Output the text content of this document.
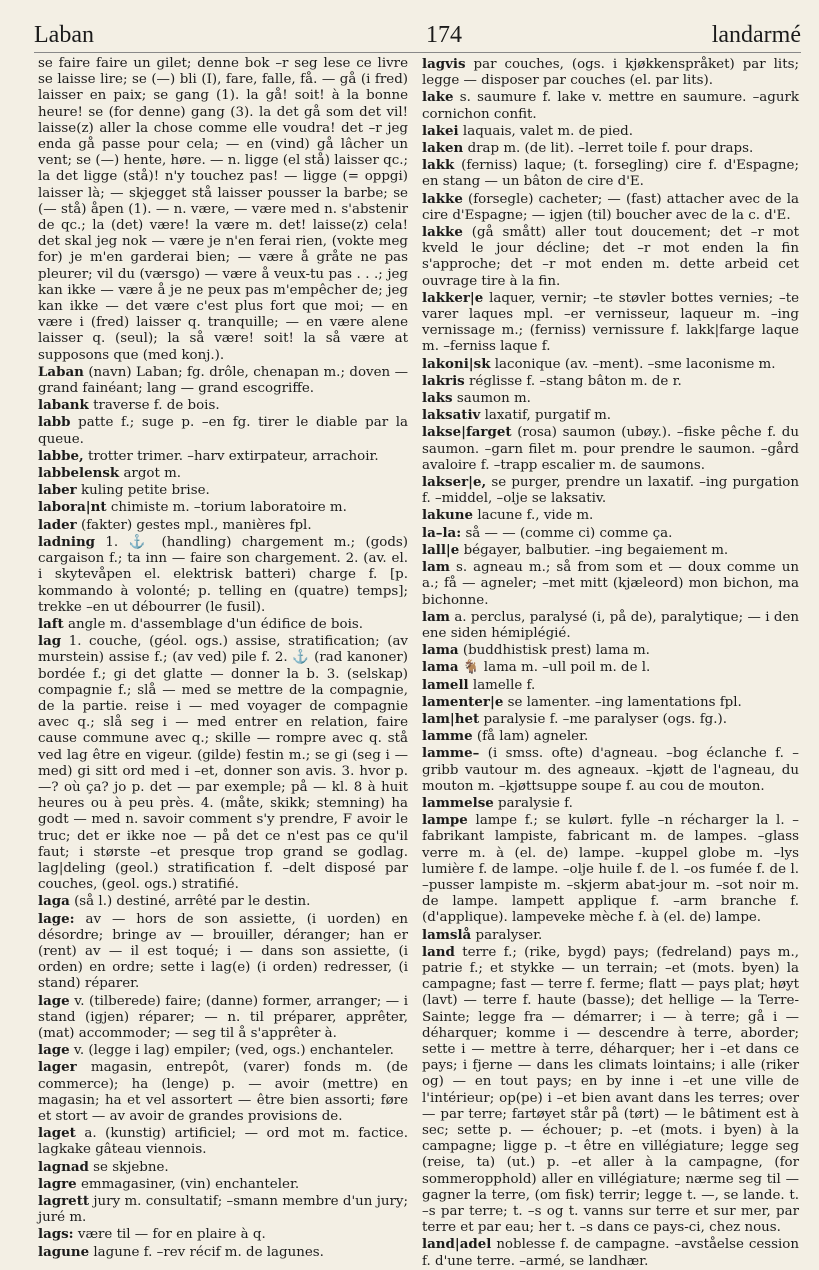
Laban	174	landarmé

se faire faire un gilet; denne bok –r seg lese ce livre se laisse lire; se (—) bli (I), fare, falle, få. — gå (i fred) laisser en paix; se gang (1). la gå! soit! à la bonne heure! se (for denne) gang (3). la det gå som det vil! laisse(z) aller la chose comme elle voudra! det –r jeg enda gå passe pour cela; — en (vind) gå lâcher un vent; se (—) hente, høre. — n. ligge (el stå) laisser qc.; la det ligge (stå)! n'y touchez pas! — ligge (= oppgi) laisser là; — skjegget stå laisser pousser la barbe; se (— stå) åpen (1). — n. være, — være med n. s'abstenir de qc.; la (det) være! la være m. det! laisse(z) cela! det skal jeg nok — være je n'en ferai rien, (vokte meg for) je m'en garderai bien; — være å gråte ne pas pleurer; vil du (værsgo) — være å veux-tu pas . . .; jeg kan ikke — være å je ne peux pas m'empêcher de; jeg kan ikke — det være c'est plus fort que moi; — en være i (fred) laisser q. tranquille; — en være alene laisser q. (seul); la så være! soit! la så være at supposons que (med konj.).

Laban (navn) Laban; fg. drôle, chenapan m.; doven — grand fainéant; lang — grand escogriffe.

labank traverse f. de bois.

labb patte f.; suge p. –en fg. tirer le diable par la queue.

labbe, trotter trimer. –harv extirpateur, arrachoir.

labbelensk argot m.

laber kuling petite brise.

labora|nt chimiste m. –torium laboratoire m.

lader (fakter) gestes mpl., manières fpl.

ladning 1. ⚓ (handling) chargement m.; (gods) cargaison f.; ta inn — faire son chargement. 2. (av. el. i skytevåpen el. elektrisk batteri) charge f. [p. kommando à volonté; p. telling en (quatre) temps]; trekke –en ut débourrer (le fusil).

laft angle m. d'assemblage d'un édifice de bois.

lag 1. couche, (géol. ogs.) assise, stratification; (av murstein) assise f.; (av ved) pile f. 2. ⚓ (rad kanoner) bordée f.; gi det glatte — donner la b. 3. (selskap) compagnie f.; slå — med se mettre de la compagnie, de la partie. reise i — med voyager de compagnie avec q.; slå seg i — med entrer en relation, faire cause commune avec q.; skille — rompre avec q. stå ved lag être en vigeur. (gilde) festin m.; se gi (seg i — med) gi sitt ord med i –et, donner son avis. 3. hvor p. —? où ça? jo p. det — par exemple; på — kl. 8 à huit heures ou à peu près. 4. (måte, skikk; stemning) ha godt — med n. savoir comment s'y prendre, F avoir le truc; det er ikke noe — på det ce n'est pas ce qu'il faut; i største –et presque trop grand se godlag. lag|deling (geol.) stratification f. –delt disposé par couches, (geol. ogs.) stratifié.

laga (så l.) destiné, arrêté par le destin.

lage: av — hors de son assiette, (i uorden) en désordre; bringe av — brouiller, déranger; han er (rent) av — il est toqué; i — dans son assiette, (i orden) en ordre; sette i lag(e) (i orden) redresser, (i stand) réparer.

lage v. (tilberede) faire; (danne) former, arranger; — i stand (igjen) réparer; — n. til préparer, apprêter, (mat) accommoder; — seg til å s'apprêter à.

lage v. (legge i lag) empiler; (ved, ogs.) enchanteler.

lager magasin, entrepôt, (varer) fonds m. (de commerce); ha (lenge) p. — avoir (mettre) en magasin; ha et vel assortert — être bien assorti; føre et stort — av avoir de grandes provisions de.

laget a. (kunstig) artificiel; — ord mot m. factice. lagkake gâteau viennois.

lagnad se skjebne.

lagre emmagasiner, (vin) enchanteler.

lagrett jury m. consultatif; –smann membre d'un jury; juré m.

lags: være til — for en plaire à q.

lagune lagune f. –rev récif m. de lagunes.

lagvis par couches, (ogs. i kjøkkenspråket) par lits; legge — disposer par couches (el. par lits).

lake s. saumure f. lake v. mettre en saumure. –agurk cornichon confit.

lakei laquais, valet m. de pied.

laken drap m. (de lit). –lerret toile f. pour draps.

lakk (ferniss) laque; (t. forsegling) cire f. d'Espagne; en stang — un bâton de cire d'E.

lakke (forsegle) cacheter; — (fast) attacher avec de la cire d'Espagne; — igjen (til) boucher avec de la c. d'E.

lakke (gå smått) aller tout doucement; det –r mot kveld le jour décline; det –r mot enden la fin s'approche; det –r mot enden m. dette arbeid cet ouvrage tire à la fin.

lakker|e laquer, vernir; –te støvler bottes vernies; –te varer laques mpl. –er vernisseur, laqueur m. –ing vernissage m.; (ferniss) vernissure f. lakk|farge laque m. –ferniss laque f.

lakoni|sk laconique (av. –ment). –sme laconisme m.

lakris réglisse f. –stang bâton m. de r.

laks saumon m.

laksativ laxatif, purgatif m.

lakse|farget (rosa) saumon (ubøy.). –fiske pêche f. du saumon. –garn filet m. pour prendre le saumon. –gård avaloire f. –trapp escalier m. de saumons.

lakser|e, se purger, prendre un laxatif. –ing purgation f. –middel, –olje se laksativ.

lakune lacune f., vide m.

la–la: så — — (comme ci) comme ça.

lall|e bégayer, balbutier. –ing begaiement m.

lam s. agneau m.; så from som et — doux comme un a.; få — agneler; –met mitt (kjæleord) mon bichon, ma bichonne.

lam a. perclus, paralysé (i, på de), paralytique; — i den ene siden hémiplégié.

lama (buddhistisk prest) lama m.

lama 🐐 lama m. –ull poil m. de l.

lamell lamelle f.

lamenter|e se lamenter. –ing lamentations fpl.

lam|het paralysie f. –me paralyser (ogs. fg.).

lamme (få lam) agneler.

lamme– (i smss. ofte) d'agneau. –bog éclanche f. –gribb vautour m. des agneaux. –kjøtt de l'agneau, du mouton m. –kjøttsuppe soupe f. au cou de mouton.

lammelse paralysie f.

lampe lampe f.; se kulørt. fylle –n récharger la l. –fabrikant lampiste, fabricant m. de lampes. –glass verre m. à (el. de) lampe. –kuppel globe m. –lys lumière f. de lampe. –olje huile f. de l. –os fumée f. de l. –pusser lampiste m. –skjerm abat-jour m. –sot noir m. de lampe. lampett applique f. –arm branche f. (d'applique). lampeveke mèche f. à (el. de) lampe.

lamslå paralyser.

land terre f.; (rike, bygd) pays; (fedreland) pays m., patrie f.; et stykke — un terrain; –et (mots. byen) la campagne; fast — terre f. ferme; flatt — pays plat; høyt (lavt) — terre f. haute (basse); det hellige — la Terre-Sainte; legge fra — démarrer; i — à terre; gå i — déharquer; komme i — descendre à terre, aborder; sette i — mettre à terre, déharquer; her i –et dans ce pays; i fjerne — dans les climats lointains; i alle (riker og) — en tout pays; en by inne i –et une ville de l'intérieur; op(pe) i –et bien avant dans les terres; over — par terre; fartøyet står på (tørt) — le bâtiment est à sec; sette p. — échouer; p. –et (mots. i byen) à la campagne; ligge p. –t être en villégiature; legge seg (reise, ta) (ut.) p. –et aller à la campagne, (for sommeropphold) aller en villégiature; nærme seg til — gagner la terre, (om fisk) terrir; legge t. —, se lande. t. –s par terre; t. –s og t. vanns sur terre et sur mer, par terre et par eau; her t. –s dans ce pays-ci, chez nous.

land|adel noblesse f. de campagne. –avståelse cession f. d'une terre. –armé, se landhær.
